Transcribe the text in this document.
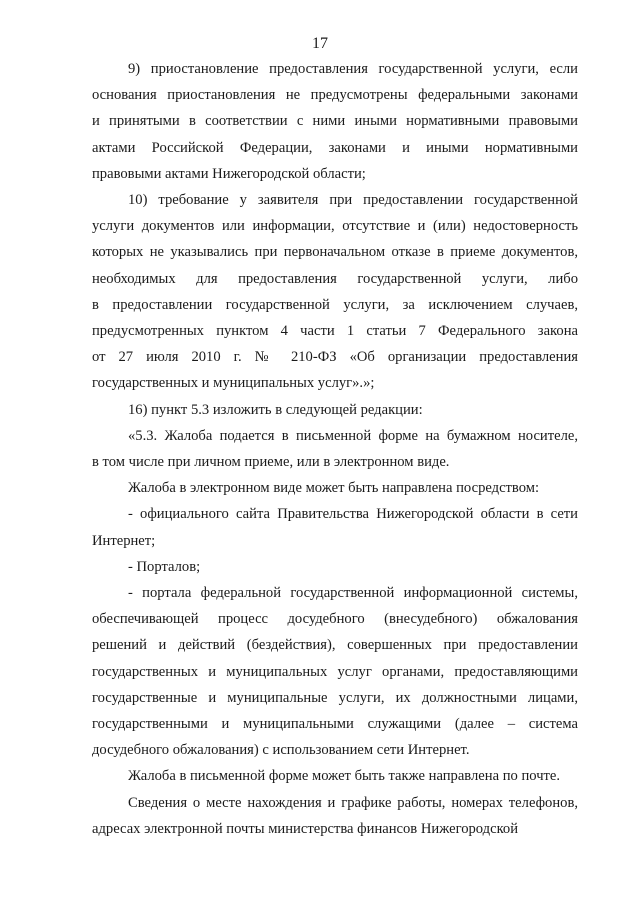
17
9) приостановление предоставления государственной услуги, если
основания приостановления не предусмотрены федеральными законами
и принятыми в соответствии с ними иными нормативными правовыми
актами Российской Федерации, законами и иными нормативными
правовыми актами Нижегородской области;
10) требование у заявителя при предоставлении государственной
услуги документов или информации, отсутствие и (или) недостоверность
которых не указывались при первоначальном отказе в приеме документов,
необходимых для предоставления государственной услуги, либо
в предоставлении государственной услуги, за исключением случаев,
предусмотренных пунктом 4 части 1 статьи 7 Федерального закона
от 27 июля 2010 г. № 210-ФЗ «Об организации предоставления
государственных и муниципальных услуг».»;
16) пункт 5.3 изложить в следующей редакции:
«5.3. Жалоба подается в письменной форме на бумажном носителе,
в том числе при личном приеме, или в электронном виде.
Жалоба в электронном виде может быть направлена посредством:
- официального сайта Правительства Нижегородской области в сети
Интернет;
- Порталов;
- портала федеральной государственной информационной системы,
обеспечивающей процесс досудебного (внесудебного) обжалования
решений и действий (бездействия), совершенных при предоставлении
государственных и муниципальных услуг органами, предоставляющими
государственные и муниципальные услуги, их должностными лицами,
государственными и муниципальными служащими (далее – система
досудебного обжалования) с использованием сети Интернет.
Жалоба в письменной форме может быть также направлена по почте.
Сведения о месте нахождения и графике работы, номерах телефонов,
адресах электронной почты министерства финансов Нижегородской
